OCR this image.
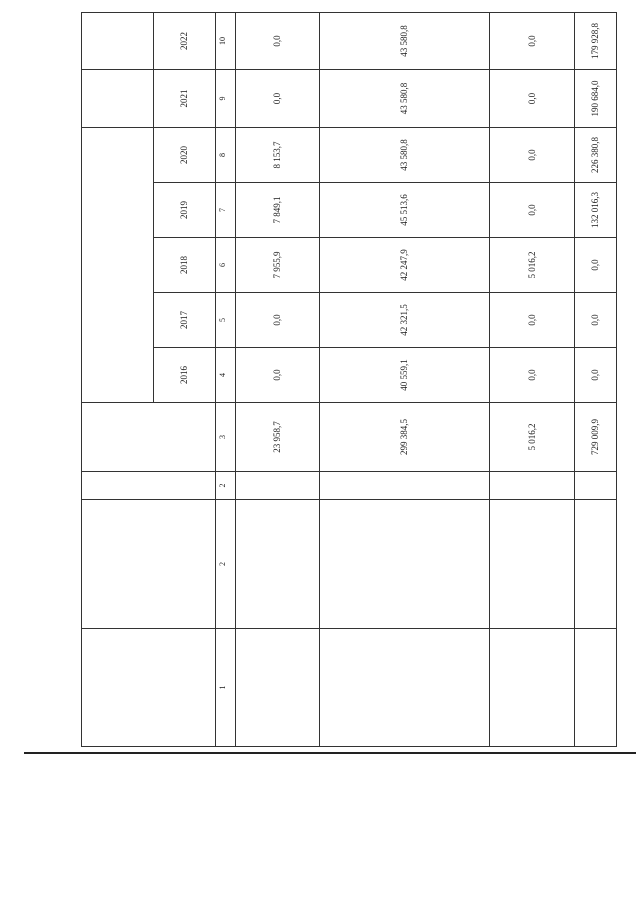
				2016	2017	2018	2019	2020	2021	2022
1	2	2	3	4	5	6	7	8	9	10
			23 958,7	0,0	0,0	7 955,9	7 849,1	8 153,7	0,0	0,0
			299 384,5	40 559,1	42 321,5	42 247,9	45 513,6	43 580,8	43 580,8	43 580,8
			5 016,2	0,0	0,0	5 016,2	0,0	0,0	0,0	0,0
			729 009,9	0,0	0,0	0,0	132 016,3	226 380,8	190 684,0	179 928,8
